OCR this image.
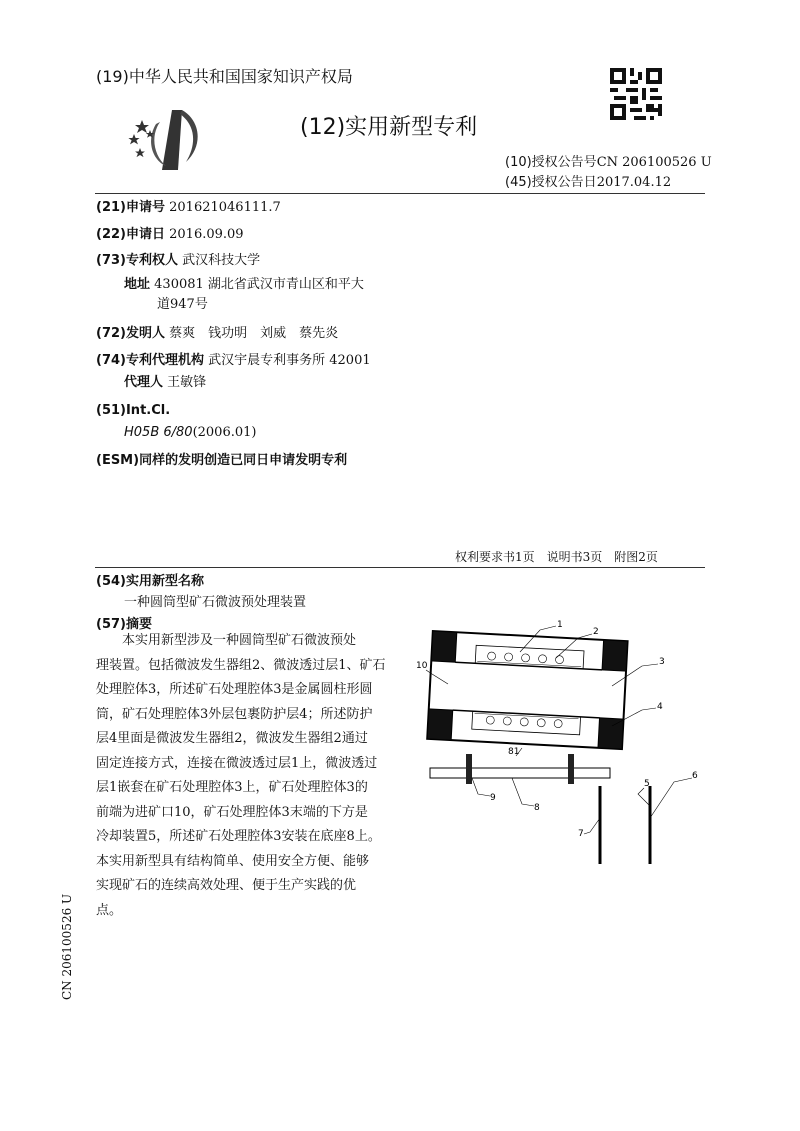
(19)中华人民共和国国家知识产权局
(12)实用新型专利
(10)授权公告号CN 206100526 U
(45)授权公告日2017.04.12
(21)申请号 201621046111.7
(22)申请日 2016.09.09
(73)专利权人 武汉科技大学
地址 430081 湖北省武汉市青山区和平大
道947号
(72)发明人 蔡爽　钱功明　刘威　蔡先炎
(74)专利代理机构 武汉宇晨专利事务所 42001
代理人 王敏锋
(51)Int.Cl.
H05B 6/80(2006.01)
(ESM)同样的发明创造已同日申请发明专利
权利要求书1页　说明书3页　附图2页
(54)实用新型名称
一种圆筒型矿石微波预处理装置
(57)摘要

　　本实用新型涉及一种圆筒型矿石微波预处

理装置。包括微波发生器组2、微波透过层1、矿石

处理腔体3，所述矿石处理腔体3是金属圆柱形圆

筒，矿石处理腔体3外层包裹防护层4；所述防护

层4里面是微波发生器组2，微波发生器组2通过

固定连接方式，连接在微波透过层1上，微波透过

层1嵌套在矿石处理腔体3上，矿石处理腔体3的

前端为进矿口10，矿石处理腔体3末端的下方是

冷却装置5，所述矿石处理腔体3安装在底座8上。

本实用新型具有结构简单、使用安全方便、能够

实现矿石的连续高效处理、便于生产实践的优

点。

1
2
3
4
5
6
7
8
9
10
81
CN 206100526 U
